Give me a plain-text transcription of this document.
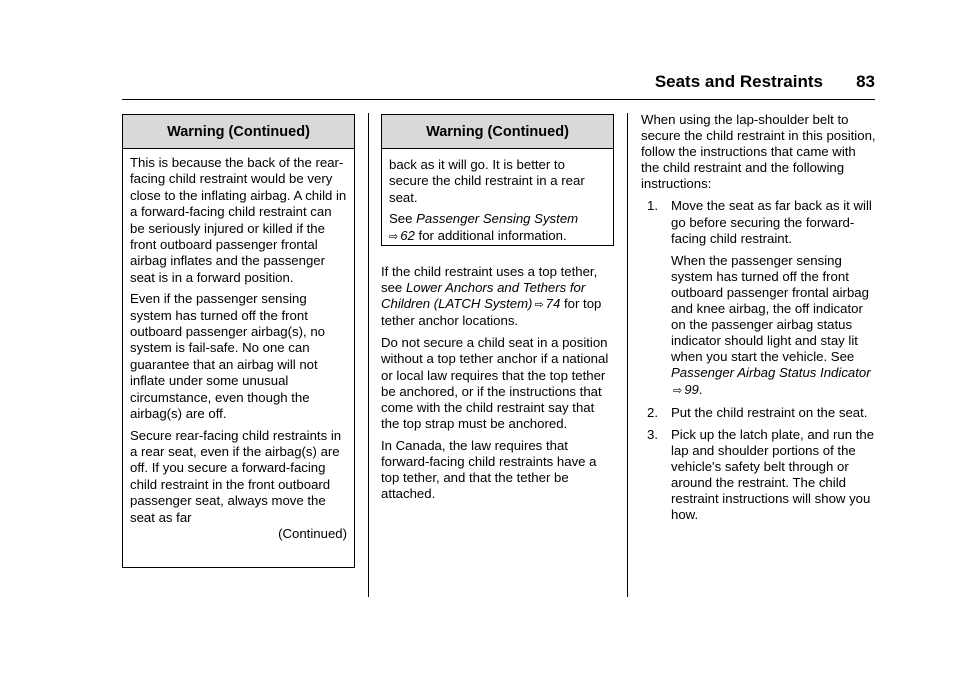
Seats and Restraints 83
Warning (Continued)

This is because the back of the rear-facing child restraint would be very close to the inflating airbag. A child in a forward-facing child restraint can be seriously injured or killed if the front outboard passenger frontal airbag inflates and the passenger seat is in a forward position.

Even if the passenger sensing system has turned off the front outboard passenger airbag(s), no system is fail-safe. No one can guarantee that an airbag will not inflate under some unusual circumstance, even though the airbag(s) are off.

Secure rear-facing child restraints in a rear seat, even if the airbag(s) are off. If you secure a forward-facing child restraint in the front outboard passenger seat, always move the seat as far

(Continued)
Warning (Continued)

back as it will go. It is better to secure the child restraint in a rear seat.

See Passenger Sensing System
⇨ 62 for additional information.

If the child restraint uses a top tether, see Lower Anchors and Tethers for Children (LATCH System) ⇨ 74 for top tether anchor locations.

Do not secure a child seat in a position without a top tether anchor if a national or local law requires that the top tether be anchored, or if the instructions that come with the child restraint say that the top strap must be anchored.

In Canada, the law requires that forward-facing child restraints have a top tether, and that the tether be attached.

When using the lap-shoulder belt to secure the child restraint in this position, follow the instructions that came with the child restraint and the following instructions:

1. Move the seat as far back as it will go before securing the forward-facing child restraint.
When the passenger sensing system has turned off the front outboard passenger frontal airbag and knee airbag, the off indicator on the passenger airbag status indicator should light and stay lit when you start the vehicle. See Passenger Airbag Status Indicator⇨ 99.
2. Put the child restraint on the seat.
3. Pick up the latch plate, and run the lap and shoulder portions of the vehicle's safety belt through or around the restraint. The child restraint instructions will show you how.
